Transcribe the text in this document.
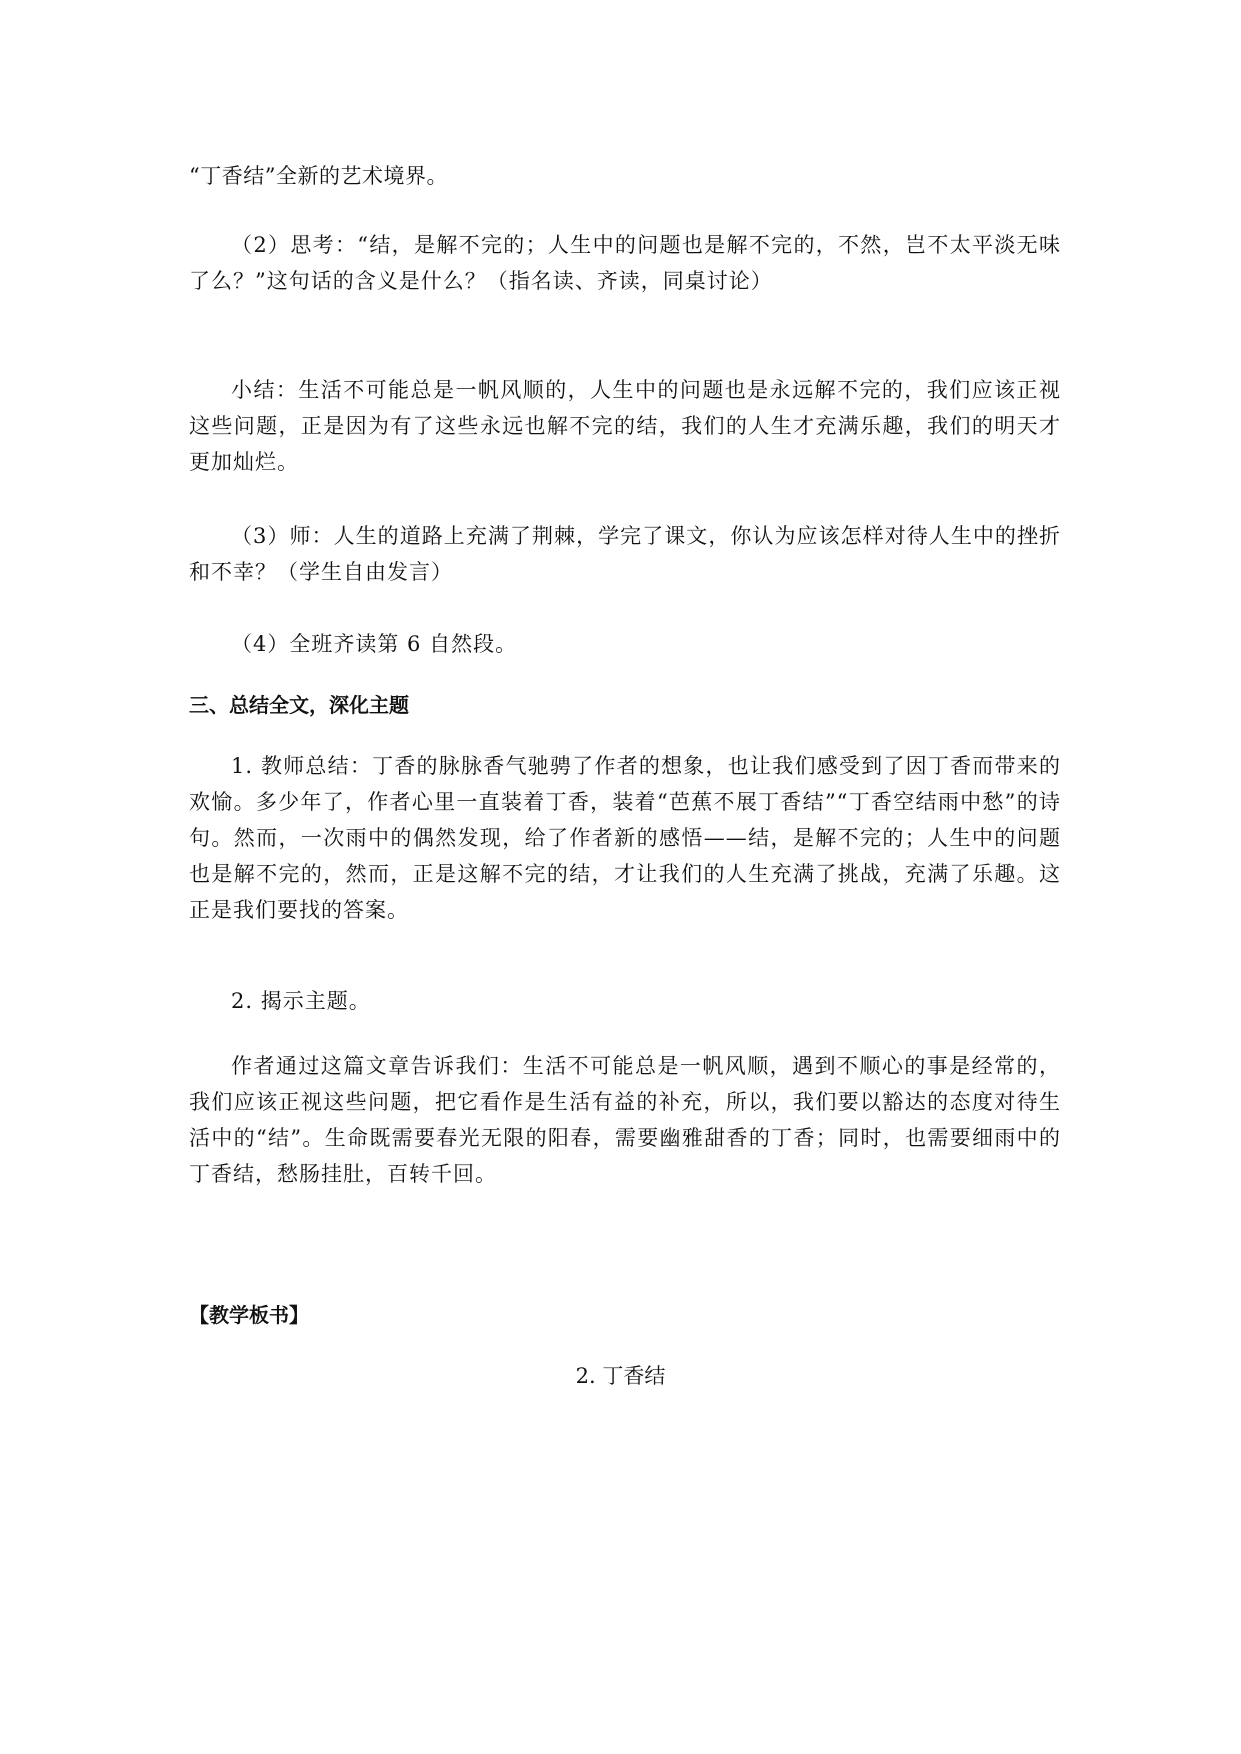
“丁香结”全新的艺术境界。
（2）思考：“结，是解不完的；人生中的问题也是解不完的，不然，岂不太平淡无味了么？”这句话的含义是什么？（指名读、齐读，同桌讨论）
小结：生活不可能总是一帆风顺的，人生中的问题也是永远解不完的，我们应该正视这些问题，正是因为有了这些永远也解不完的结，我们的人生才充满乐趣，我们的明天才更加灿烂。
（3）师：人生的道路上充满了荆棘，学完了课文，你认为应该怎样对待人生中的挫折和不幸？（学生自由发言）
（4）全班齐读第 6 自然段。
三、总结全文，深化主题
1. 教师总结：丁香的脉脉香气驰骋了作者的想象，也让我们感受到了因丁香而带来的欢愉。多少年了，作者心里一直装着丁香，装着“芭蕉不展丁香结”“丁香空结雨中愁”的诗句。然而，一次雨中的偶然发现，给了作者新的感悟——结，是解不完的；人生中的问题也是解不完的，然而，正是这解不完的结，才让我们的人生充满了挑战，充满了乐趣。这正是我们要找的答案。
2. 揭示主题。
作者通过这篇文章告诉我们：生活不可能总是一帆风顺，遇到不顺心的事是经常的，我们应该正视这些问题，把它看作是生活有益的补充，所以，我们要以豁达的态度对待生活中的“结”。生命既需要春光无限的阳春，需要幽雅甜香的丁香；同时，也需要细雨中的丁香结，愁肠挂肚，百转千回。
【教学板书】
2. 丁香结
